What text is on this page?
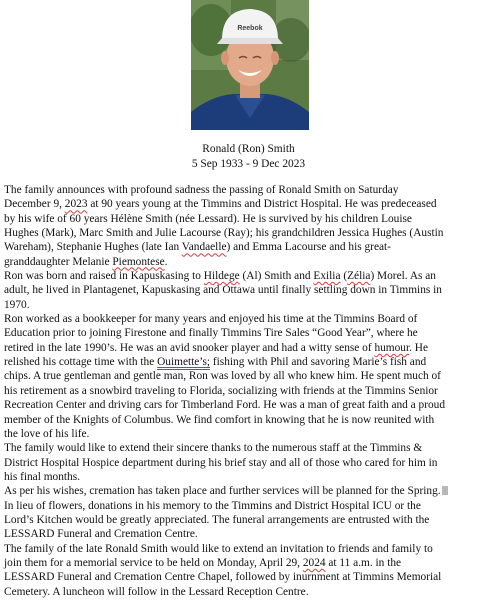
Reebok
Ronald (Ron) Smith
5 Sep 1933 - 9 Dec 2023

The family announces with profound sadness the passing of Ronald Smith on Saturday

December 9, 2023 at 90 years young at the Timmins and District Hospital. He was predeceased

by his wife of 60 years Hélène Smith (née Lessard). He is survived by his children Louise

Hughes (Mark), Marc Smith and Julie Lacourse (Ray); his grandchildren Jessica Hughes (Austin

Wareham), Stephanie Hughes (late Ian Vandaelle) and Emma Lacourse and his great-

granddaughter Melanie Piemontese.

Ron was born and raised in Kapuskasing to Hildege (Al) Smith and Exilia (Zélia) Morel. As an

adult, he lived in Plantagenet, Kapuskasing and Ottawa until finally settling down in Timmins in

1970.

Ron worked as a bookkeeper for many years and enjoyed his time at the Timmins Board of

Education prior to joining Firestone and finally Timmins Tire Sales “Good Year”, where he

retired in the late 1990’s. He was an avid snooker player and had a witty sense of humour. He

relished his cottage time with the Ouimette’s; fishing with Phil and savoring Marie’s fish and

chips. A true gentleman and gentle man, Ron was loved by all who knew him. He spent much of

his retirement as a snowbird traveling to Florida, socializing with friends at the Timmins Senior

Recreation Center and driving cars for Timberland Ford. He was a man of great faith and a proud

member of the Knights of Columbus. We find comfort in knowing that he is now reunited with

the love of his life.

The family would like to extend their sincere thanks to the numerous staff at the Timmins &

District Hospital Hospice department during his brief stay and all of those who cared for him in

his final months.

As per his wishes, cremation has taken place and further services will be planned for the Spring.

In lieu of flowers, donations in his memory to the Timmins and District Hospital ICU or the

Lord’s Kitchen would be greatly appreciated. The funeral arrangements are entrusted with the

LESSARD Funeral and Cremation Centre.

The family of the late Ronald Smith would like to extend an invitation to friends and family to

join them for a memorial service to be held on Monday, April 29, 2024 at 11 a.m. in the

LESSARD Funeral and Cremation Centre Chapel, followed by inurnment at Timmins Memorial

Cemetery. A luncheon will follow in the Lessard Reception Centre.
